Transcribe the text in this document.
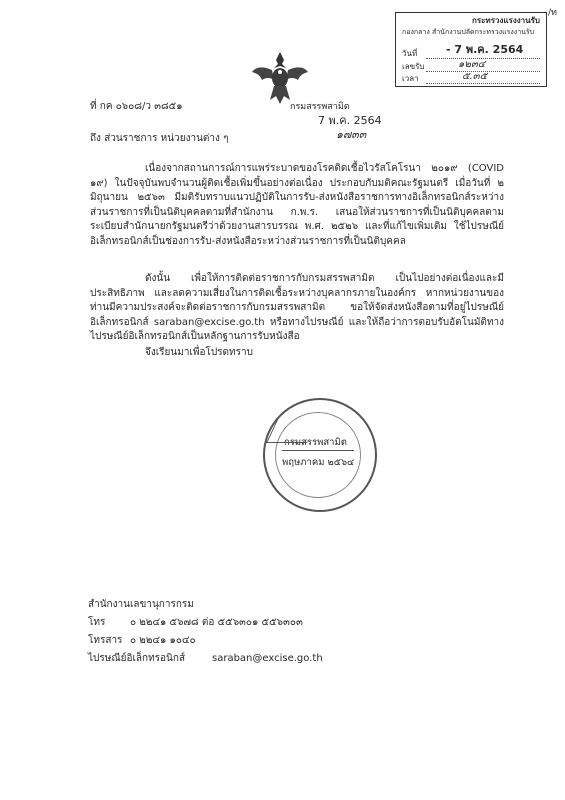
/ท
กระทรวงแรงงานรับ
กองกลาง สำนักงานปลัดกระทรวงแรงงานรับ
วันที่	- 7 พ.ค. 2564
เลขรับ	๑๒๓๔
เวลา	๕.๓๕
ที่ กค ๐๖๐๘/ว ๓๘๕๑	กรมสรรพสามิต
7 พ.ค. 2564
๑๗๓๓
ถึง ส่วนราชการ หน่วยงานต่าง ๆ
เนื่องจากสถานการณ์การแพร่ระบาดของโรคติดเชื้อไวรัสโคโรนา ๒๐๑๙ (COVID ๑๙) ในปัจจุบันพบจำนวนผู้ติดเชื้อเพิ่มขึ้นอย่างต่อเนื่อง ประกอบกับมติคณะรัฐมนตรี เมื่อวันที่ ๒ มิถุนายน ๒๕๖๓ มีมติรับทราบแนวปฏิบัติในการรับ-ส่งหนังสือราชการทางอิเล็กทรอนิกส์ระหว่างส่วนราชการที่เป็นนิติบุคคลตามที่สำนักงาน ก.พ.ร. เสนอให้ส่วนราชการที่เป็นนิติบุคคลตามระเบียบสำนักนายกรัฐมนตรีว่าด้วยงานสารบรรณ พ.ศ. ๒๕๒๖ และที่แก้ไขเพิ่มเติม ใช้ไปรษณีย์อิเล็กทรอนิกส์เป็นช่องการรับ-ส่งหนังสือระหว่างส่วนราชการที่เป็นนิติบุคคล
ดังนั้น เพื่อให้การติดต่อราชการกับกรมสรรพสามิต เป็นไปอย่างต่อเนื่องและมีประสิทธิภาพ และลดความเสี่ยงในการติดเชื้อระหว่างบุคลากรภายในองค์กร หากหน่วยงานของท่านมีความประสงค์จะติดต่อราชการกับกรมสรรพสามิต ขอให้จัดส่งหนังสือตามที่อยู่ไปรษณีย์อิเล็กทรอนิกส์ saraban@excise.go.th หรือทางไปรษณีย์ และให้ถือว่าการตอบรับอัตโนมัติทางไปรษณีย์อิเล็กทรอนิกส์เป็นหลักฐานการรับหนังสือ
จึงเรียนมาเพื่อโปรดทราบ
กรมสรรพสามิต
พฤษภาคม ๒๕๖๔
สำนักงานเลขานุการกรม
โทร ๐ ๒๒๔๑ ๕๖๗๘ ต่อ ๕๕๖๓๐๑ ๕๕๖๓๐๓
โทรสาร ๐ ๒๒๔๑ ๑๐๔๐
ไปรษณีย์อิเล็กทรอนิกส์	saraban@excise.go.th
